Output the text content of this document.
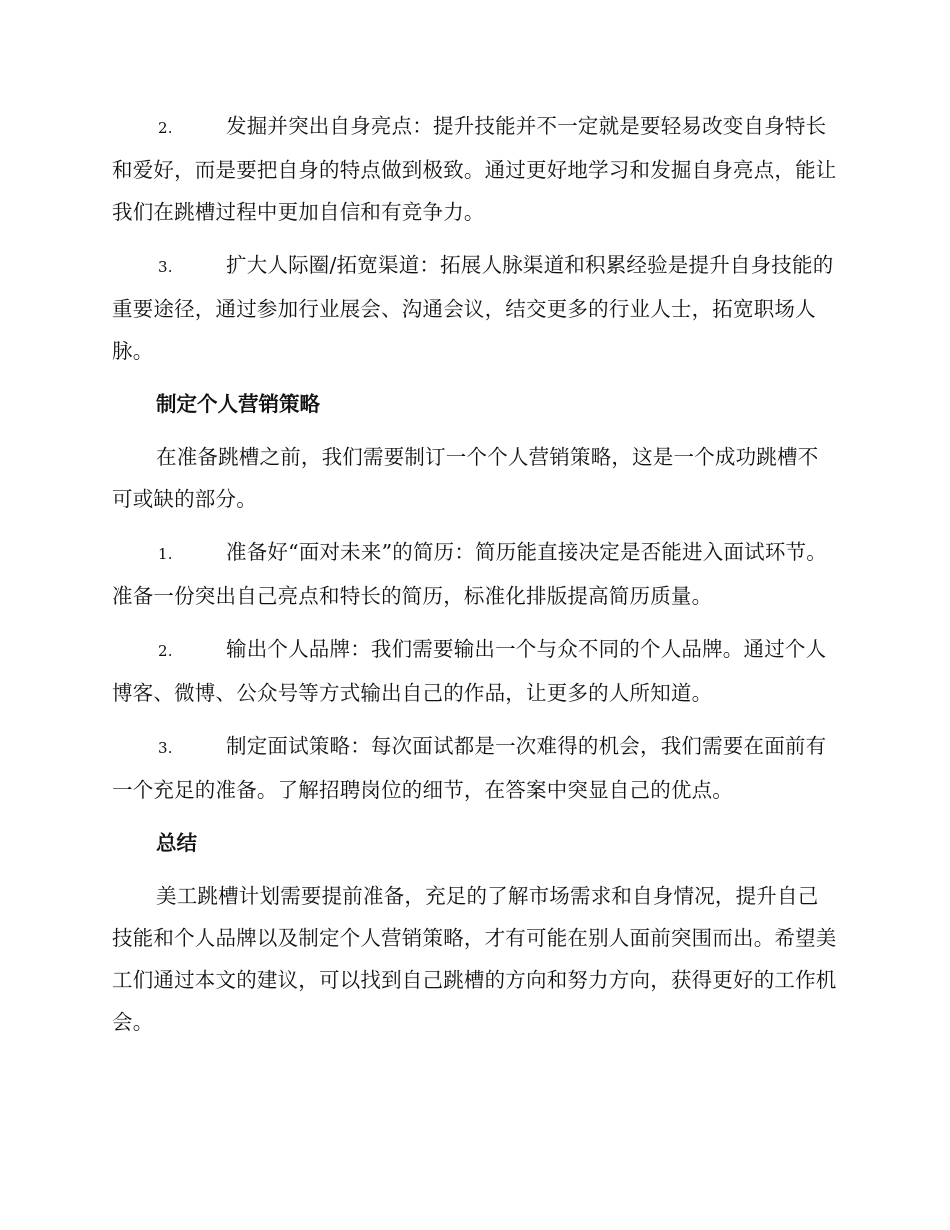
2.	发掘并突出自身亮点：提升技能并不一定就是要轻易改变自身特长和爱好，而是要把自身的特点做到极致。通过更好地学习和发掘自身亮点，能让我们在跳槽过程中更加自信和有竞争力。

3.	扩大人际圈/拓宽渠道：拓展人脉渠道和积累经验是提升自身技能的重要途径，通过参加行业展会、沟通会议，结交更多的行业人士，拓宽职场人脉。

制定个人营销策略

在准备跳槽之前，我们需要制订一个个人营销策略，这是一个成功跳槽不可或缺的部分。

1.	准备好“面对未来”的简历：简历能直接决定是否能进入面试环节。准备一份突出自己亮点和特长的简历，标准化排版提高简历质量。

2.	输出个人品牌：我们需要输出一个与众不同的个人品牌。通过个人博客、微博、公众号等方式输出自己的作品，让更多的人所知道。

3.	制定面试策略：每次面试都是一次难得的机会，我们需要在面前有一个充足的准备。了解招聘岗位的细节，在答案中突显自己的优点。

总结

美工跳槽计划需要提前准备，充足的了解市场需求和自身情况，提升自己技能和个人品牌以及制定个人营销策略，才有可能在别人面前突围而出。希望美工们通过本文的建议，可以找到自己跳槽的方向和努力方向，获得更好的工作机会。
